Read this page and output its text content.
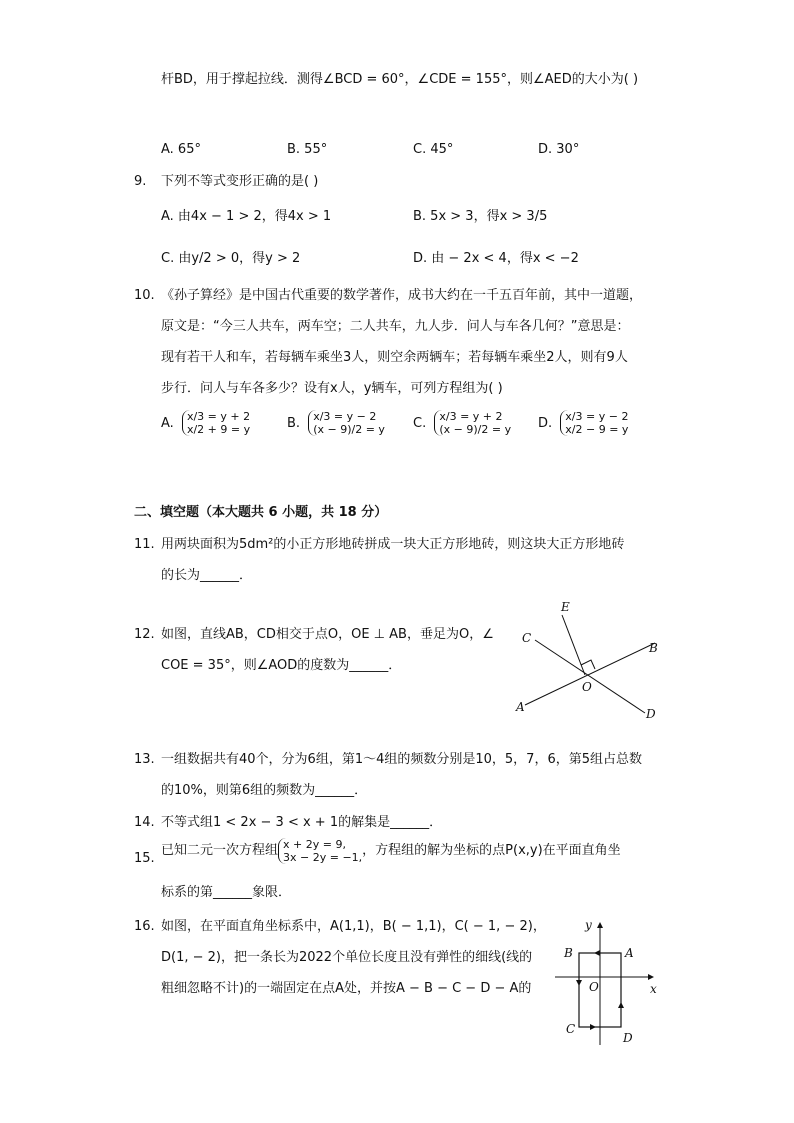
杆BD，用于撑起拉线．测得∠BCD = 60°，∠CDE = 155°，则∠AED的大小为( )
A. 65°	B. 55°	C. 45°	D. 30°
9.	下列不等式变形正确的是( )
A. 由4x − 1 > 2，得4x > 1	B. 5x > 3，得x > 3/5
C. 由y/2 > 0，得y > 2	D. 由 − 2x < 4，得x < −2
10. 《孙子算经》是中国古代重要的数学著作，成书大约在一千五百年前，其中一道题，
原文是：“今三人共车，两车空；二人共车，九人步．问人与车各几何？”意思是：
现有若干人和车，若每辆车乘坐3人，则空余两辆车；若每辆车乘坐2人，则有9人
步行．问人与车各多少？设有x人，y辆车，可列方程组为( )
A. x/3 = y + 2
x/2 + 9 = y	B. x/3 = y − 2
(x − 9)/2 = y C. x/3 = y + 2
(x − 9)/2 = y D. x/3 = y − 2
x/2 − 9 = y
二、填空题（本大题共 6 小题，共 18 分）
11. 用两块面积为5dm²的小正方形地砖拼成一块大正方形地砖，则这块大正方形地砖
的长为______．
12. 如图，直线AB，CD相交于点O，OE ⊥ AB，垂足为O，∠
COE = 35°，则∠AOD的度数为______．
E
C
B
O
A	D
13. 一组数据共有40个，分为6组，第1～4组的频数分别是10，5，7，6，第5组占总数
的10%，则第6组的频数为______．
14. 不等式组1 < 2x − 3 < x + 1的解集是______．
15.
已知二元一次方程组 x + 2y = 9,
3x − 2y = −1, ，方程组的解为坐标的点P(x,y)在平面直角坐
标系的第______象限．
16. 如图，在平面直角坐标系中，A(1,1)，B( − 1,1)，C( − 1, − 2)，
D(1, − 2)，把一条长为2022个单位长度且没有弹性的细线(线的
粗细忽略不计)的一端固定在点A处，并按A − B − C − D − A的
y
x
O
A
B
C
D
